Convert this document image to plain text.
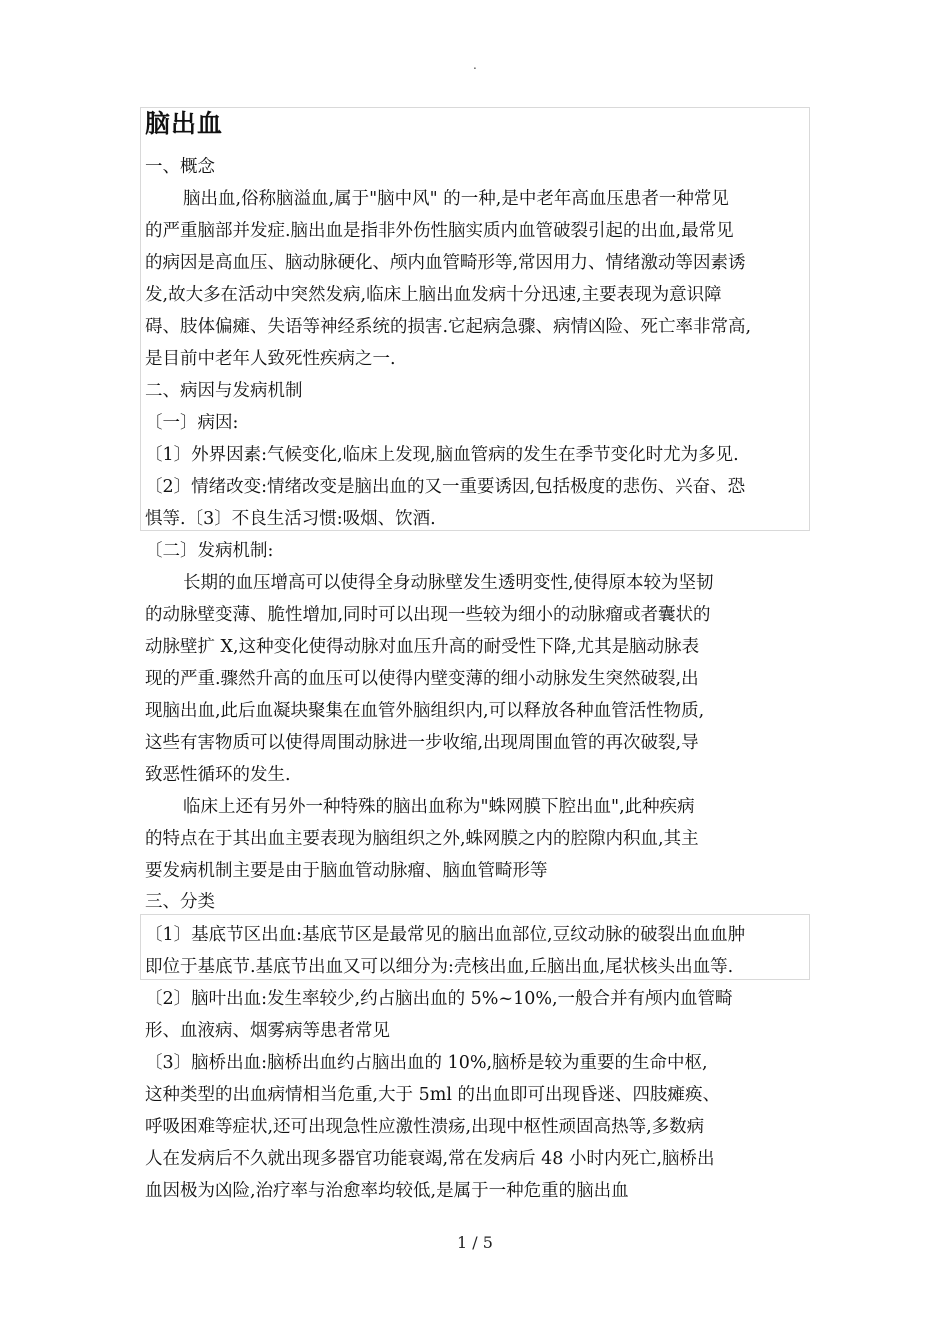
.
脑出血
一、概念
脑出血,俗称脑溢血,属于"脑中风" 的一种,是中老年高血压患者一种常见
的严重脑部并发症.脑出血是指非外伤性脑实质内血管破裂引起的出血,最常见
的病因是高血压、脑动脉硬化、颅内血管畸形等,常因用力、情绪激动等因素诱
发,故大多在活动中突然发病,临床上脑出血发病十分迅速,主要表现为意识障
碍、肢体偏瘫、失语等神经系统的损害.它起病急骤、病情凶险、死亡率非常高,
是目前中老年人致死性疾病之一.
二、病因与发病机制
〔一〕病因:
〔1〕外界因素:气候变化,临床上发现,脑血管病的发生在季节变化时尤为多见.
〔2〕情绪改变:情绪改变是脑出血的又一重要诱因,包括极度的悲伤、兴奋、恐
惧等.〔3〕不良生活习惯:吸烟、饮酒.
〔二〕发病机制:
长期的血压增高可以使得全身动脉壁发生透明变性,使得原本较为坚韧
的动脉壁变薄、脆性增加,同时可以出现一些较为细小的动脉瘤或者囊状的
动脉壁扩 X,这种变化使得动脉对血压升高的耐受性下降,尤其是脑动脉表
现的严重.骤然升高的血压可以使得内壁变薄的细小动脉发生突然破裂,出
现脑出血,此后血凝块聚集在血管外脑组织内,可以释放各种血管活性物质,
这些有害物质可以使得周围动脉进一步收缩,出现周围血管的再次破裂,导
致恶性循环的发生.
临床上还有另外一种特殊的脑出血称为"蛛网膜下腔出血",此种疾病
的特点在于其出血主要表现为脑组织之外,蛛网膜之内的腔隙内积血,其主
要发病机制主要是由于脑血管动脉瘤、脑血管畸形等
三、分类
〔1〕基底节区出血:基底节区是最常见的脑出血部位,豆纹动脉的破裂出血血肿
即位于基底节.基底节出血又可以细分为:壳核出血,丘脑出血,尾状核头出血等.
〔2〕脑叶出血:发生率较少,约占脑出血的 5%~10%,一般合并有颅内血管畸
形、血液病、烟雾病等患者常见
〔3〕脑桥出血:脑桥出血约占脑出血的 10%,脑桥是较为重要的生命中枢,
这种类型的出血病情相当危重,大于 5ml 的出血即可出现昏迷、四肢瘫痪、
呼吸困难等症状,还可出现急性应激性溃疡,出现中枢性顽固高热等,多数病
人在发病后不久就出现多器官功能衰竭,常在发病后 48 小时内死亡,脑桥出
血因极为凶险,治疗率与治愈率均较低,是属于一种危重的脑出血
1 / 5
